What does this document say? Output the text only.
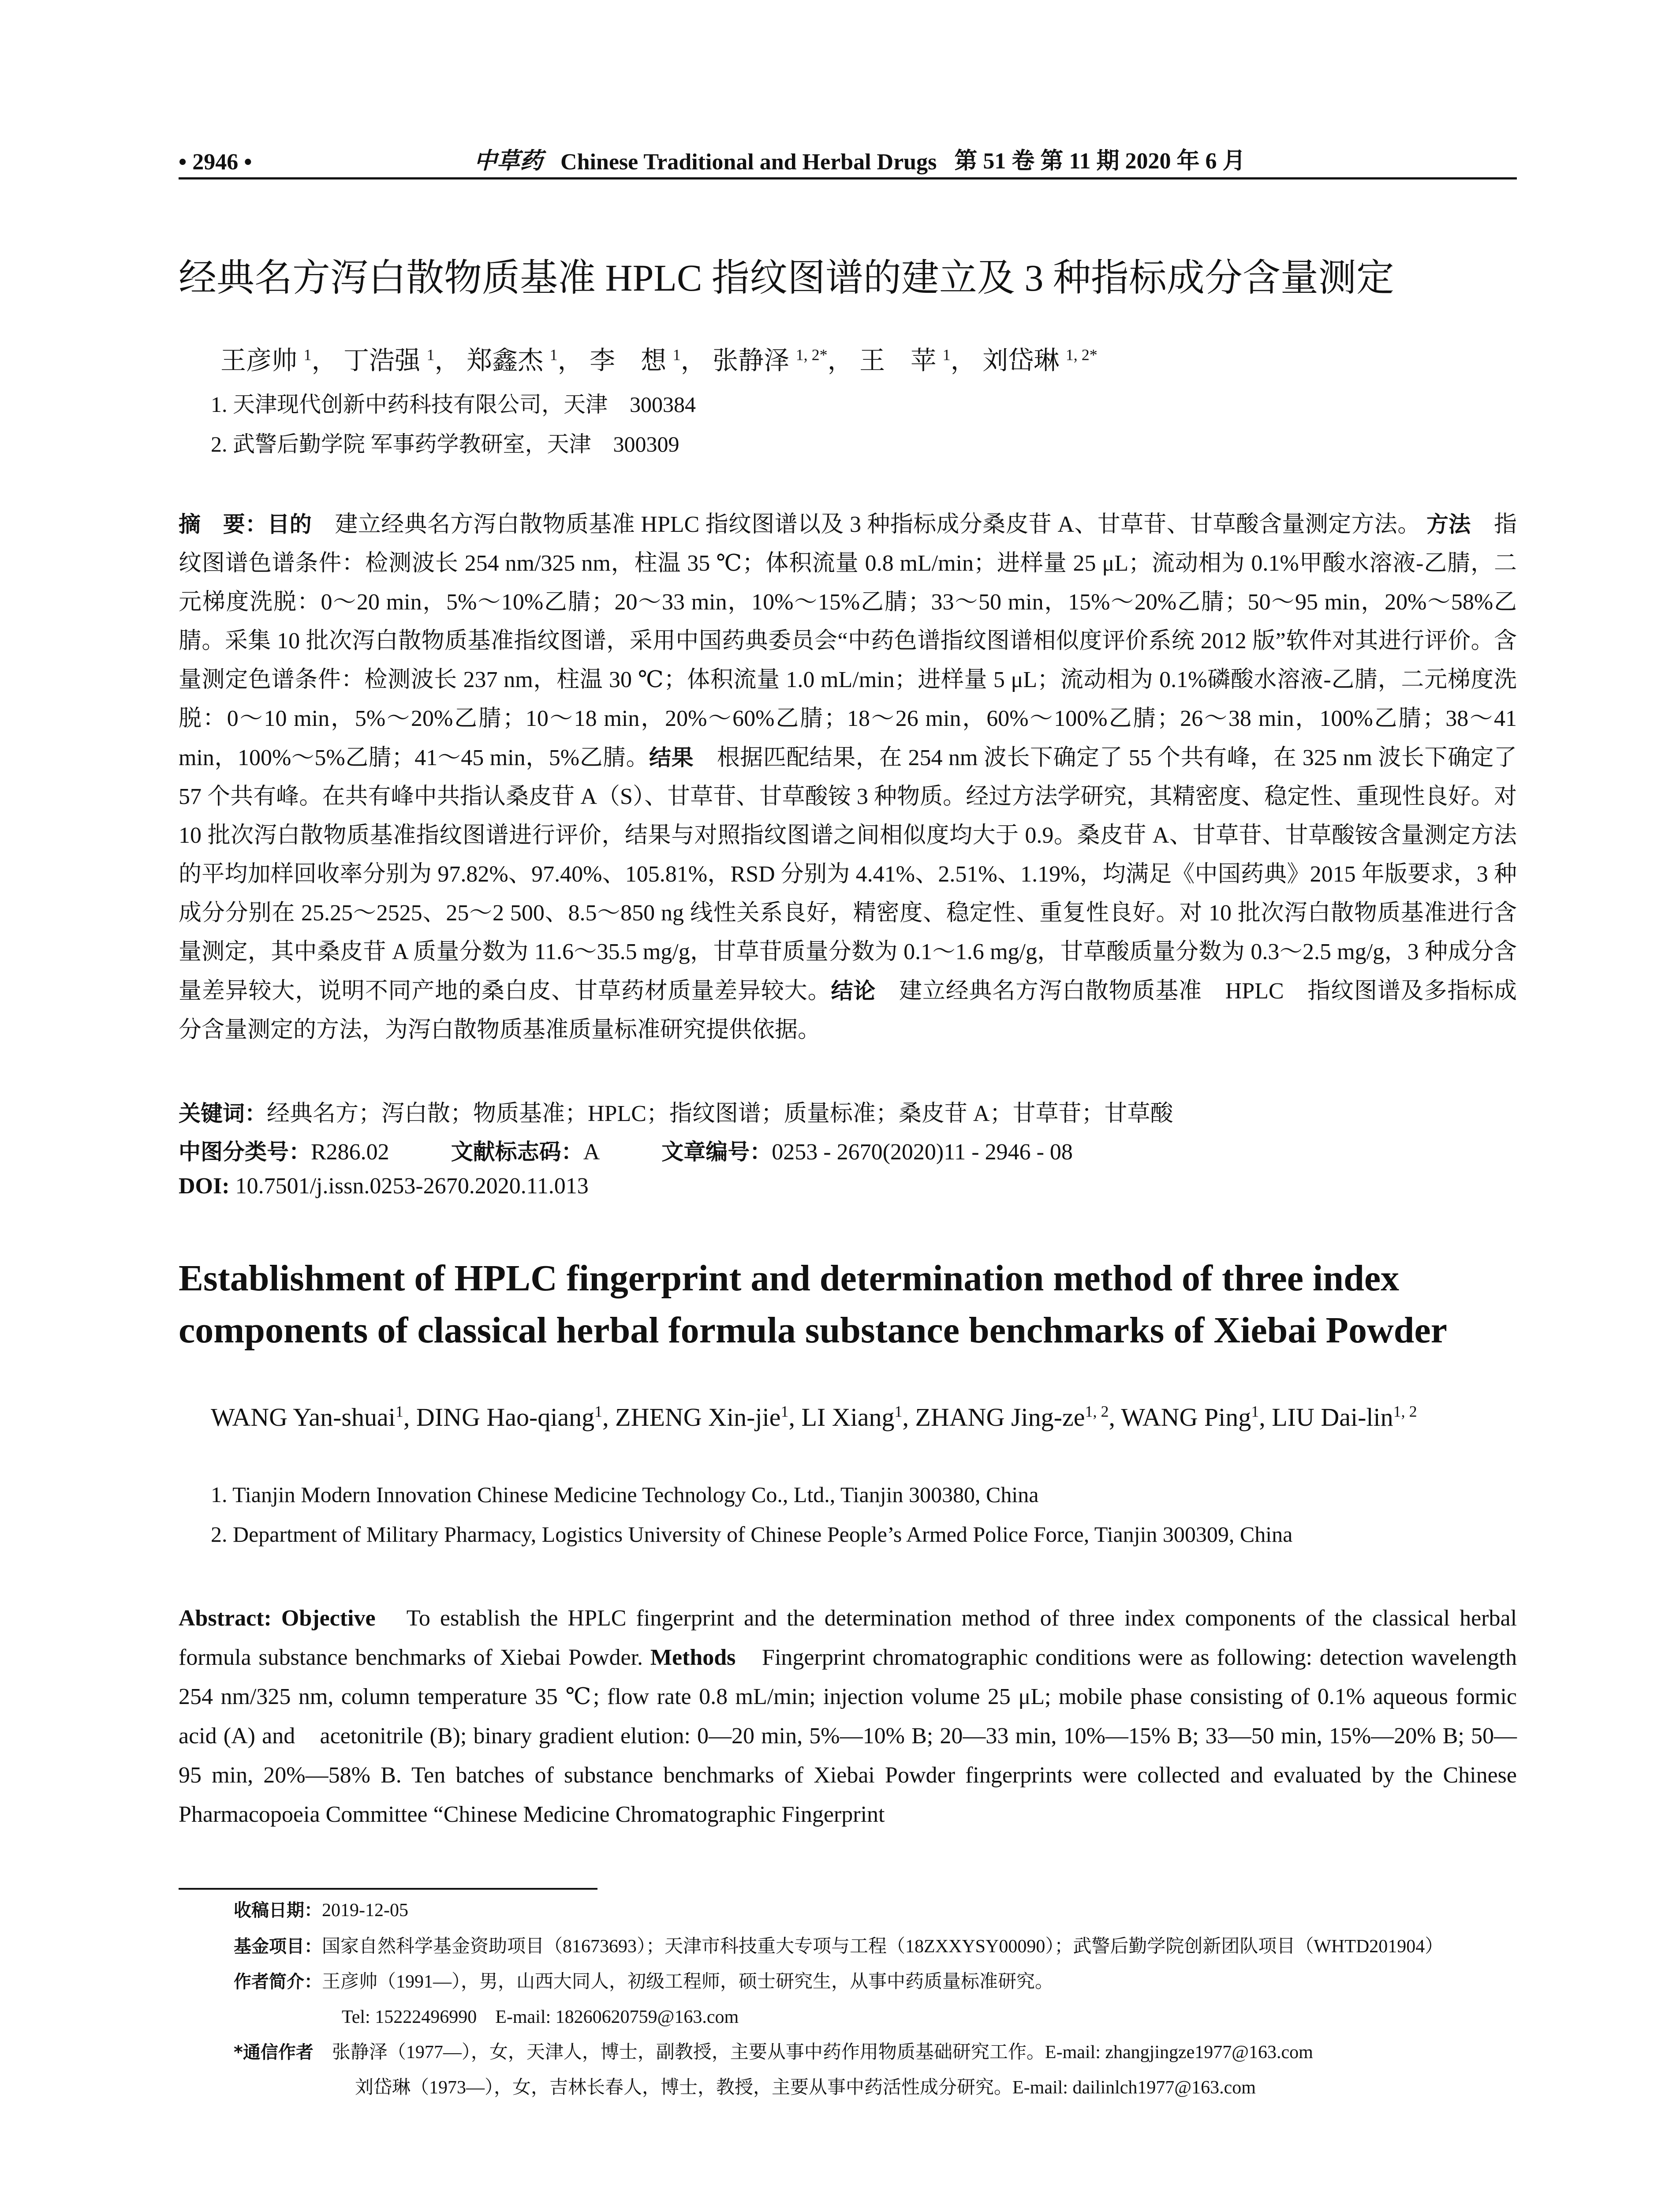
• 2946 •	中草药 Chinese Traditional and Herbal Drugs 第 51 卷 第 11 期 2020 年 6 月
经典名方泻白散物质基准 HPLC 指纹图谱的建立及 3 种指标成分含量测定
王彦帅 $^1$， 丁浩强 $^1$， 郑鑫杰 $^1$， 李　想 $^1$， 张静泽 $^{1, 2*}$， 王　苹 $^1$， 刘岱琳 $^{1, 2*}$
1. 天津现代创新中药科技有限公司，天津　300384
2. 武警后勤学院 军事药学教研室，天津　300309
摘　要：目的　建立经典名方泻白散物质基准 HPLC 指纹图谱以及 3 种指标成分桑皮苷 A、甘草苷、甘草酸含量测定方法。 方法　指纹图谱色谱条件：检测波长 254 nm/325 nm，柱温 35 ℃；体积流量 0.8 mL/min；进样量 25 μL；流动相为 0.1%甲酸水溶液-乙腈，二元梯度洗脱：0～20 min，5%～10%乙腈；20～33 min，10%～15%乙腈；33～50 min，15%～20%乙腈；50～95 min，20%～58%乙腈。采集 10 批次泻白散物质基准指纹图谱，采用中国药典委员会“中药色谱指纹图谱相似度评价系统 2012 版”软件对其进行评价。含量测定色谱条件：检测波长 237 nm，柱温 30 ℃；体积流量 1.0 mL/min；进样量 5 μL；流动相为 0.1%磷酸水溶液-乙腈，二元梯度洗脱：0～10 min，5%～20%乙腈；10～18 min，20%～60%乙腈；18～26 min，60%～100%乙腈；26～38 min，100%乙腈；38～41 min，100%～5%乙腈；41～45 min，5%乙腈。结果　根据匹配结果，在 254 nm 波长下确定了 55 个共有峰，在 325 nm 波长下确定了 57 个共有峰。在共有峰中共指认桑皮苷 A（S）、甘草苷、甘草酸铵 3 种物质。经过方法学研究，其精密度、稳定性、重现性良好。对 10 批次泻白散物质基准指纹图谱进行评价，结果与对照指纹图谱之间相似度均大于 0.9。桑皮苷 A、甘草苷、甘草酸铵含量测定方法的平均加样回收率分别为 97.82%、97.40%、105.81%，RSD 分别为 4.41%、2.51%、1.19%，均满足《中国药典》2015 年版要求，3 种成分分别在 25.25～2525、25～2 500、8.5～850 ng 线性关系良好，精密度、稳定性、重复性良好。对 10 批次泻白散物质基准进行含量测定，其中桑皮苷 A 质量分数为 11.6～35.5 mg/g，甘草苷质量分数为 0.1～1.6 mg/g，甘草酸质量分数为 0.3～2.5 mg/g，3 种成分含量差异较大，说明不同产地的桑白皮、甘草药材质量差异较大。结论　建立经典名方泻白散物质基准　HPLC　指纹图谱及多指标成分含量测定的方法，为泻白散物质基准质量标准研究提供依据。
关键词：经典名方；泻白散；物质基准；HPLC；指纹图谱；质量标准；桑皮苷 A；甘草苷；甘草酸
中图分类号：R286.02	文献标志码：A	文章编号：0253 - 2670(2020)11 - 2946 - 08
DOI: 10.7501/j.issn.0253-2670.2020.11.013
Establishment of HPLC fingerprint and determination method of three index components of classical herbal formula substance benchmarks of Xiebai Powder
WANG Yan-shuai$^1$, DING Hao-qiang$^1$, ZHENG Xin-jie$^1$, LI Xiang$^1$, ZHANG Jing-ze$^{1, 2}$, WANG Ping$^1$, LIU Dai-lin$^{1, 2}$
1. Tianjin Modern Innovation Chinese Medicine Technology Co., Ltd., Tianjin 300380, China
2. Department of Military Pharmacy, Logistics University of Chinese People’s Armed Police Force, Tianjin 300309, China
Abstract: Objective　To establish the HPLC fingerprint and the determination method of three index components of the classical herbal formula substance benchmarks of Xiebai Powder. Methods　Fingerprint chromatographic conditions were as following: detection wavelength 254 nm/325 nm, column temperature 35 ℃; flow rate 0.8 mL/min; injection volume 25 μL; mobile phase consisting of 0.1% aqueous formic acid (A) and　acetonitrile (B); binary gradient elution: 0—20 min, 5%—10% B; 20—33 min, 10%—15% B; 33—50 min, 15%—20% B; 50—95 min, 20%—58% B. Ten batches of substance benchmarks of Xiebai Powder fingerprints were collected and evaluated by the Chinese Pharmacopoeia Committee “Chinese Medicine Chromatographic Fingerprint
收稿日期：2019-12-05
基金项目：国家自然科学基金资助项目（81673693）；天津市科技重大专项与工程（18ZXXYSY00090）；武警后勤学院创新团队项目（WHTD201904）
作者简介：王彦帅（1991—），男，山西大同人，初级工程师，硕士研究生，从事中药质量标准研究。
Tel: 15222496990　E-mail: 18260620759@163.com
*通信作者　张静泽（1977—），女，天津人，博士，副教授，主要从事中药作用物质基础研究工作。E-mail: zhangjingze1977@163.com
刘岱琳（1973—），女，吉林长春人，博士，教授，主要从事中药活性成分研究。E-mail: dailinlch1977@163.com
